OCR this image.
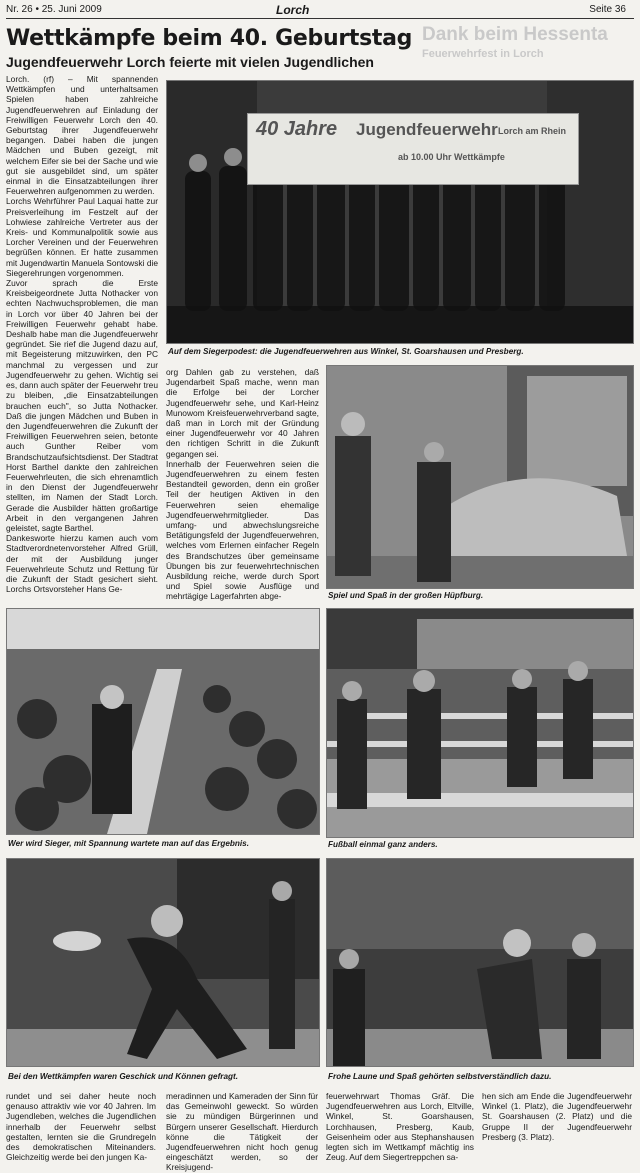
Nr. 26 • 25. Juni 2009	Lorch	Seite 36
Dank beim Hessenta
Feuerwehrfest in Lorch
Wettkämpfe beim 40. Geburtstag
Jugendfeuerwehr Lorch feierte mit vielen Jugendlichen

Lorch. (rf) – Mit spannenden Wettkämpfen und unterhaltsamen Spielen haben zahlreiche Jugendfeuerwehren auf Einladung der Freiwilligen Feuerwehr Lorch den 40. Geburtstag ihrer Jugendfeuerwehr begangen. Dabei haben die jungen Mädchen und Buben gezeigt, mit welchem Eifer sie bei der Sache und wie gut sie ausgebildet sind, um später einmal in die Einsatzabteilungen ihrer Feuerwehren aufgenommen zu werden.

Lorchs Wehrführer Paul Laquai hatte zur Preisverleihung im Festzelt auf der Lohwiese zahlreiche Vertreter aus der Kreis- und Kommunalpolitik sowie aus Lorcher Vereinen und der Feuerwehren begrüßen können. Er hatte zusammen mit Jugendwartin Manuela Sontowski die Siegerehrungen vorgenommen.

Zuvor sprach die Erste Kreisbeigeordnete Jutta Nothacker von echten Nachwuchsproblemen, die man in Lorch vor über 40 Jahren bei der Freiwilligen Feuerwehr gehabt habe. Deshalb habe man die Jugendfeuerwehr gegründet. Sie rief die Jugend dazu auf, mit Begeisterung mitzuwirken, den PC manchmal zu vergessen und zur Jugendfeuerwehr zu gehen. Wichtig sei es, dann auch später der Feuerwehr treu zu bleiben, „die Einsatzabteilungen brauchen euch", so Jutta Nothacker. Daß die jungen Mädchen und Buben in den Jugendfeuerwehren die Zukunft der Freiwilligen Feuerwehren seien, betonte auch Gunther Reiber vom Brandschutzaufsichtsdienst. Der Stadtrat Horst Barthel dankte den zahlreichen Feuerwehrleuten, die sich ehrenamtlich in den Dienst der Jugendfeuerwehr stellten, im Namen der Stadt Lorch. Gerade die Ausbilder hätten großartige Arbeit in den vergangenen Jahren geleistet, sagte Barthel.

Dankesworte hierzu kamen auch vom Stadtverordnetenvorsteher Alfred Grüll, der mit der Ausbildung junger Feuerwehrleute Schutz und Rettung für die Zukunft der Stadt gesichert sieht. Lorchs Ortsvorsteher Hans Ge-

40 Jahre Jugendfeuerwehr Lorch am Rhein
ab 10.00 Uhr Wettkämpfe
Auf dem Siegerpodest: die Jugendfeuerwehren aus Winkel, St. Goarshausen und Presberg.

org Dahlen gab zu verstehen, daß Jugendarbeit Spaß mache, wenn man die Erfolge bei der Lorcher Jugendfeuerwehr sehe, und Karl-Heinz Munowom Kreisfeuerwehrverband sagte, daß man in Lorch mit der Gründung einer Jugendfeuerwehr vor 40 Jahren den richtigen Schritt in die Zukunft gegangen sei.

Innerhalb der Feuerwehren seien die Jugendfeuerwehren zu einem festen Bestandteil geworden, denn ein großer Teil der heutigen Aktiven in den Feuerwehren seien ehemalige Jugendfeuerwehrmitglieder. Das umfang- und abwechslungsreiche Betätigungsfeld der Jugendfeuerwehren, welches vom Erlernen einfacher Regeln des Brandschutzes über gemeinsame Übungen bis zur feuerwehrtechnischen Ausbildung reiche, werde durch Sport und Spiel sowie Ausflüge und mehrtägige Lagerfahrten abge-	Spiel und Spaß in der großen Hüpfburg.
Wer wird Sieger, mit Spannung wartete man auf das Ergebnis.	Fußball einmal ganz anders.
Bei den Wettkämpfen waren Geschick und Können gefragt.	Frohe Laune und Spaß gehörten selbstverständlich dazu.
rundet und sei daher heute noch genauso attraktiv wie vor 40 Jahren. Im Jugendleben, welches die Jugendlichen innerhalb der Feuerwehr selbst gestalten, lernten sie die Grundregeln des demokratischen Miteinanders. Gleichzeitig werde bei den jungen Ka-
meradinnen und Kameraden der Sinn für das Gemeinwohl geweckt. So würden sie zu mündigen Bürgerinnen und Bürgern unserer Gesellschaft. Hierdurch könne die Tätigkeit der Jugendfeuerwehren nicht hoch genug eingeschätzt werden, so der Kreisjugend-
feuerwehrwart Thomas Gräf. Die Jugendfeuerwehren aus Lorch, Eltville, Winkel, St. Goarshausen, Lorchhausen, Presberg, Kaub, Geisenheim oder aus Stephanshausen legten sich im Wettkampf mächtig ins Zeug. Auf dem Siegertreppchen sa-
hen sich am Ende die Jugendfeuerwehr Winkel (1. Platz), die Jugendfeuerwehr St. Goarshausen (2. Platz) und die Gruppe II der Jugendfeuerwehr Presberg (3. Platz).
